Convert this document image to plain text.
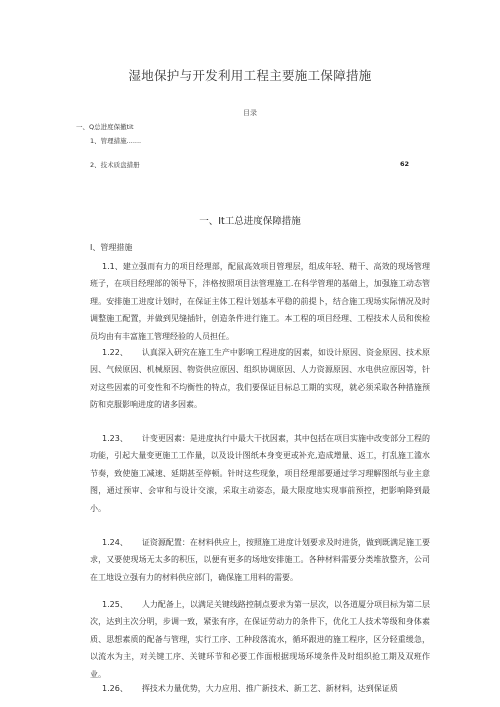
湿地保护与开发利用工程主要施工保障措施
目录
一、Q总进度保撤tit
1、管理措施.......
2、技术质盘措册	62
一、It工总进度保障措施
I、管理措施

1.1、建立强而有力的项目经理部，配鼠高效项目管理层，组成年轻、精干、高效的现场管理班子，在项目经理部的领导下，泮格按照项目法管理施工.在科学管理的基础上，加强施工动态管理。安排施工进度计划时，在保证主体工程计划基本平稳的前提卜，结合施工现场实际情况及时调整施工配置，并做到见缝插针，创造条件进行施工。本工程的项目经理、工程技术人员和俟检员均由有丰富施工管理经验的人员担任。

1.22、 认真深入研究在施工生产中影响工程进度的因素，如设计原因、资金原因、技术原因、气候原因、机械原因、物资供应原因、组织协调原因、人力资源原因、水电供应原因等，针对这些因素的可变性和不均衡性的特点，我们要保证目标总工期的实现，就必须采取各种措施预防和克服影响进度的诸多因素。

1.23、 计变更因素：是进度执行中最大干扰因素，其中包括在项目实施中改变部分工程的功能，引起大量变更施工工作量，以及设计图纸本身变更或补充,造成增量、返工，打乱施工滥水节奏，致使施工减速、延期甚至停顿。针时这些现象，项目经理部要通过学习理解图纸与业主意图，通过预审、会审和与设计交滚，采取主动姿态，最大限度地实现事前预控，把影响降到最小。

1.24、 证资源配置：在材料供应上，按照施工进度计划要求及时进货，做到既满足施工要求，又要使现场无太多的积压，以便有更多的场地安排施工。各种材料需要分类堆放整齐，公司在工地设立强有力的材料供应部门，确保施工用料的需要。

1.25、 人力配备上，以满足关键线路控制点要求为第一层次，以各道厦分项目标为第二层次，达到主次分明，步调一致，紧张有序，在保证劳动力的条件下，优化工人技术等级和身体素质、思想素质的配备与管理，实行工序、工种段落流水，循环跟进的施工程序，区分轻重缓急，以流水为主，对关键工序、关键环节和必要工作面根据现场环境条件及时组织抢工期及双班作业。

1.26、 挥技术力量优势，大力应用、推广新技术、新工艺、新材料，达到保证质
